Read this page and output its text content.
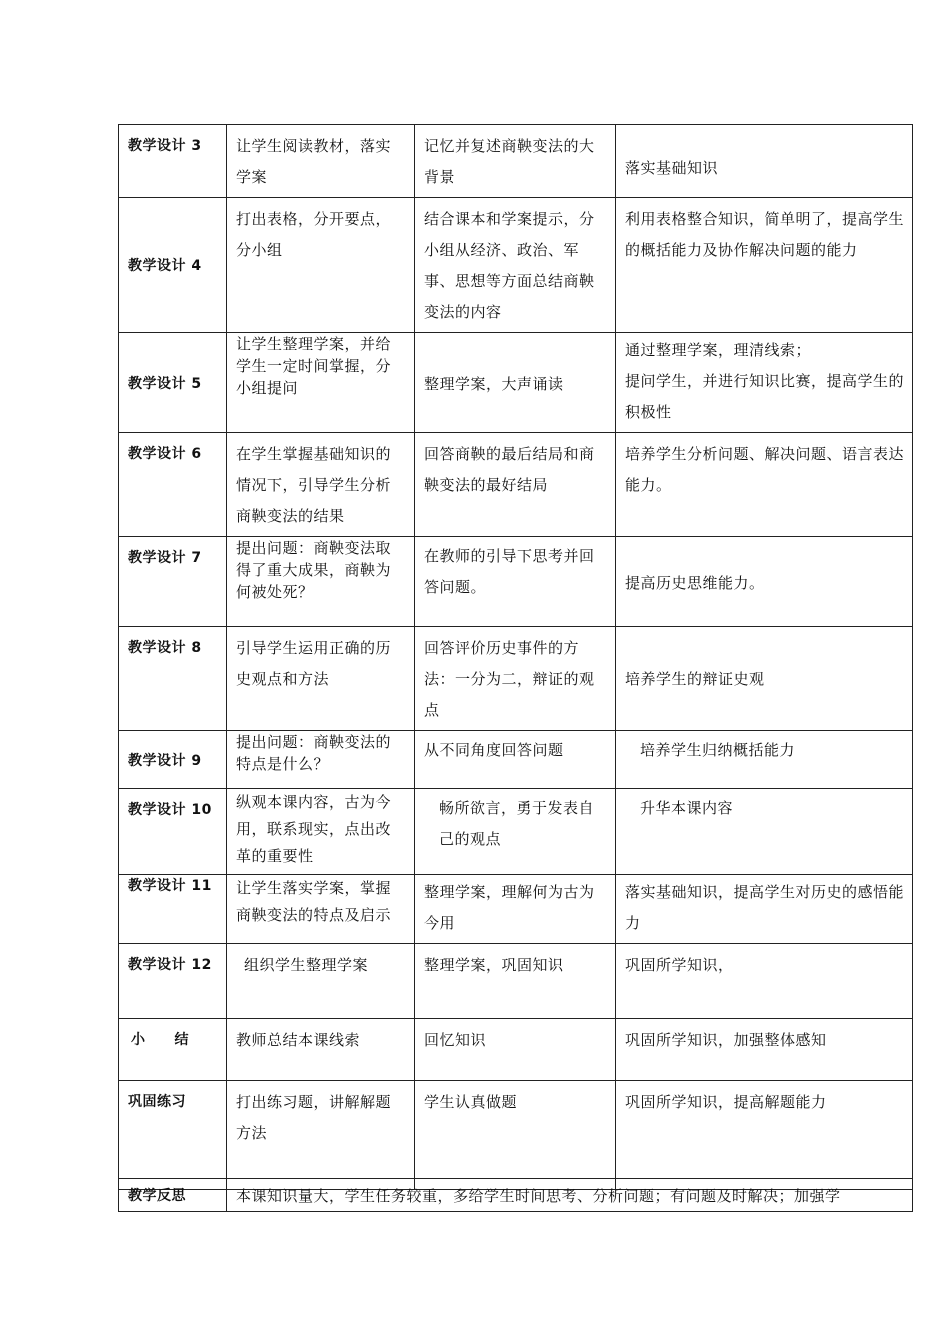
教学设计 3	让学生阅读教材，落实学案	记忆并复述商鞅变法的大背景	落实基础知识
教学设计 4	打出表格，分开要点，分小组	结合课本和学案提示，分小组从经济、政治、军事、思想等方面总结商鞅变法的内容	利用表格整合知识，简单明了，提高学生的概括能力及协作解决问题的能力
教学设计 5	让学生整理学案，并给学生一定时间掌握，分小组提问	整理学案，大声诵读	通过整理学案，理清线索；
提问学生，并进行知识比赛，提高学生的积极性

教学设计 6	在学生掌握基础知识的情况下，引导学生分析商鞅变法的结果	回答商鞅的最后结局和商鞅变法的最好结局	培养学生分析问题、解决问题、语言表达能力。
教学设计 7	提出问题：商鞅变法取得了重大成果，商鞅为何被处死？	在教师的引导下思考并回答问题。	提高历史思维能力。
教学设计 8	引导学生运用正确的历史观点和方法	回答评价历史事件的方法：一分为二，辩证的观点	培养学生的辩证史观
教学设计 9	提出问题：商鞅变法的特点是什么？	从不同角度回答问题	培养学生归纳概括能力
教学设计 10	纵观本课内容，古为今用，联系现实，点出改革的重要性	畅所欲言，勇于发表自己的观点	升华本课内容
教学设计 11	让学生落实学案，掌握商鞅变法的特点及启示	整理学案，理解何为古为今用	落实基础知识，提高学生对历史的感悟能力
教学设计 12	组织学生整理学案	整理学案，巩固知识	巩固所学知识，
小　　结	教师总结本课线索	回忆知识	巩固所学知识，加强整体感知
巩固练习	打出练习题，讲解解题方法	学生认真做题	巩固所学知识，提高解题能力
教学反思	本课知识量大，学生任务较重，多给学生时间思考、分析问题；有问题及时解决；加强学
